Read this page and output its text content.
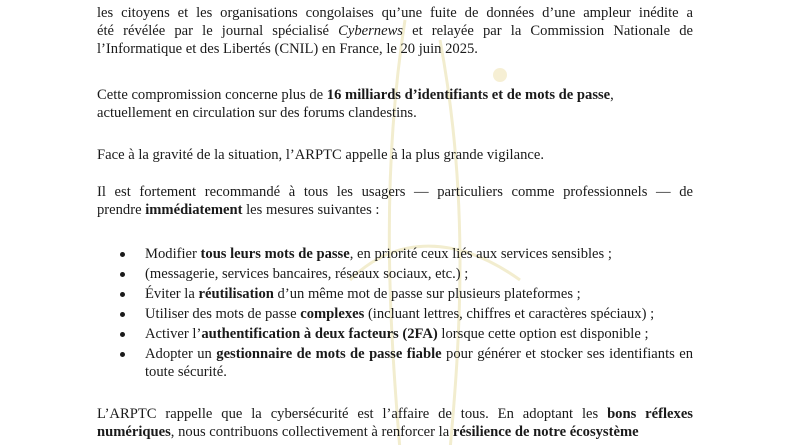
les citoyens et les organisations congolaises qu’une fuite de données d’une ampleur inédite a
été révélée par le journal spécialisé Cybernews et relayée par la Commission Nationale de
l’Informatique et des Libertés (CNIL) en France, le 20 juin 2025.

Cette compromission concerne plus de 16 milliards d’identifiants et de mots de passe,
actuellement en circulation sur des forums clandestins.

Face à la gravité de la situation, l’ARPTC appelle à la plus grande vigilance.

Il est fortement recommandé à tous les usagers — particuliers comme professionnels — de
prendre immédiatement les mesures suivantes :

Modifier tous leurs mots de passe, en priorité ceux liés aux services sensibles ;
(messagerie, services bancaires, réseaux sociaux, etc.) ;
Éviter la réutilisation d’un même mot de passe sur plusieurs plateformes ;
Utiliser des mots de passe complexes (incluant lettres, chiffres et caractères spéciaux) ;
Activer l’authentification à deux facteurs (2FA) lorsque cette option est disponible ;
Adopter un gestionnaire de mots de passe fiable pour générer et stocker ses identifiants en toute sécurité.

L’ARPTC rappelle que la cybersécurité est l’affaire de tous. En adoptant les bons réflexes numériques, nous contribuons collectivement à renforcer la résilience de notre écosystème
